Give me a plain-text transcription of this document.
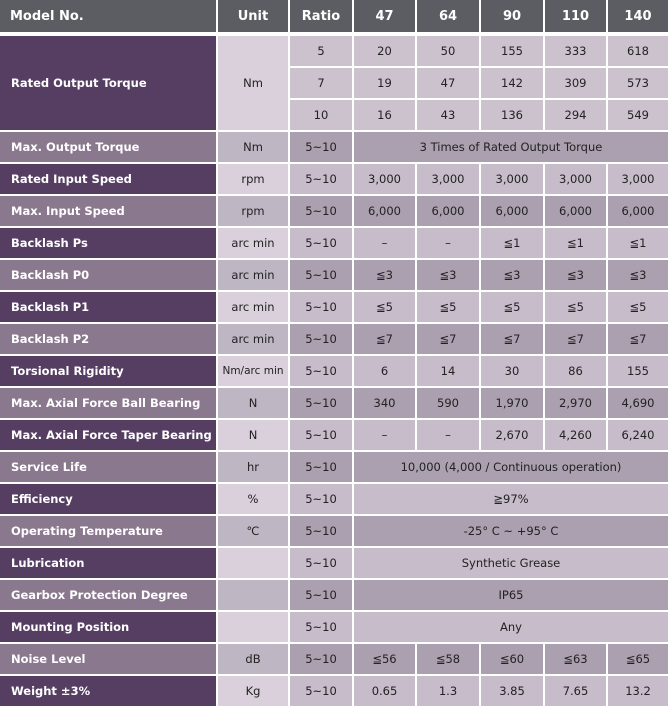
Model No.	Unit	Ratio	47	64	90	110	140
Rated Output Torque	Nm	5	20	50	155	333	618
		7	19	47	142	309	573
		10	16	43	136	294	549
Max. Output Torque	Nm	5~10	3 Times of Rated Output Torque				
Rated Input Speed	rpm	5~10	3,000	3,000	3,000	3,000	3,000
Max. Input Speed	rpm	5~10	6,000	6,000	6,000	6,000	6,000
Backlash Ps	arc min	5~10	–	–	≦1	≦1	≦1
Backlash P0	arc min	5~10	≦3	≦3	≦3	≦3	≦3
Backlash P1	arc min	5~10	≦5	≦5	≦5	≦5	≦5
Backlash P2	arc min	5~10	≦7	≦7	≦7	≦7	≦7
Torsional Rigidity	Nm/arc min	5~10	6	14	30	86	155
Max. Axial Force Ball Bearing	N	5~10	340	590	1,970	2,970	4,690
Max. Axial Force Taper Bearing	N	5~10	–	–	2,670	4,260	6,240
Service Life	hr	5~10	10,000 (4,000 / Continuous operation)				
Efficiency	%	5~10	≧97%				
Operating Temperature	℃	5~10	-25° C ~ +95° C				
Lubrication		5~10	Synthetic Grease				
Gearbox Protection Degree		5~10	IP65				
Mounting Position		5~10	Any				
Noise Level	dB	5~10	≦56	≦58	≦60	≦63	≦65
Weight ±3%	Kg	5~10	0.65	1.3	3.85	7.65	13.2
